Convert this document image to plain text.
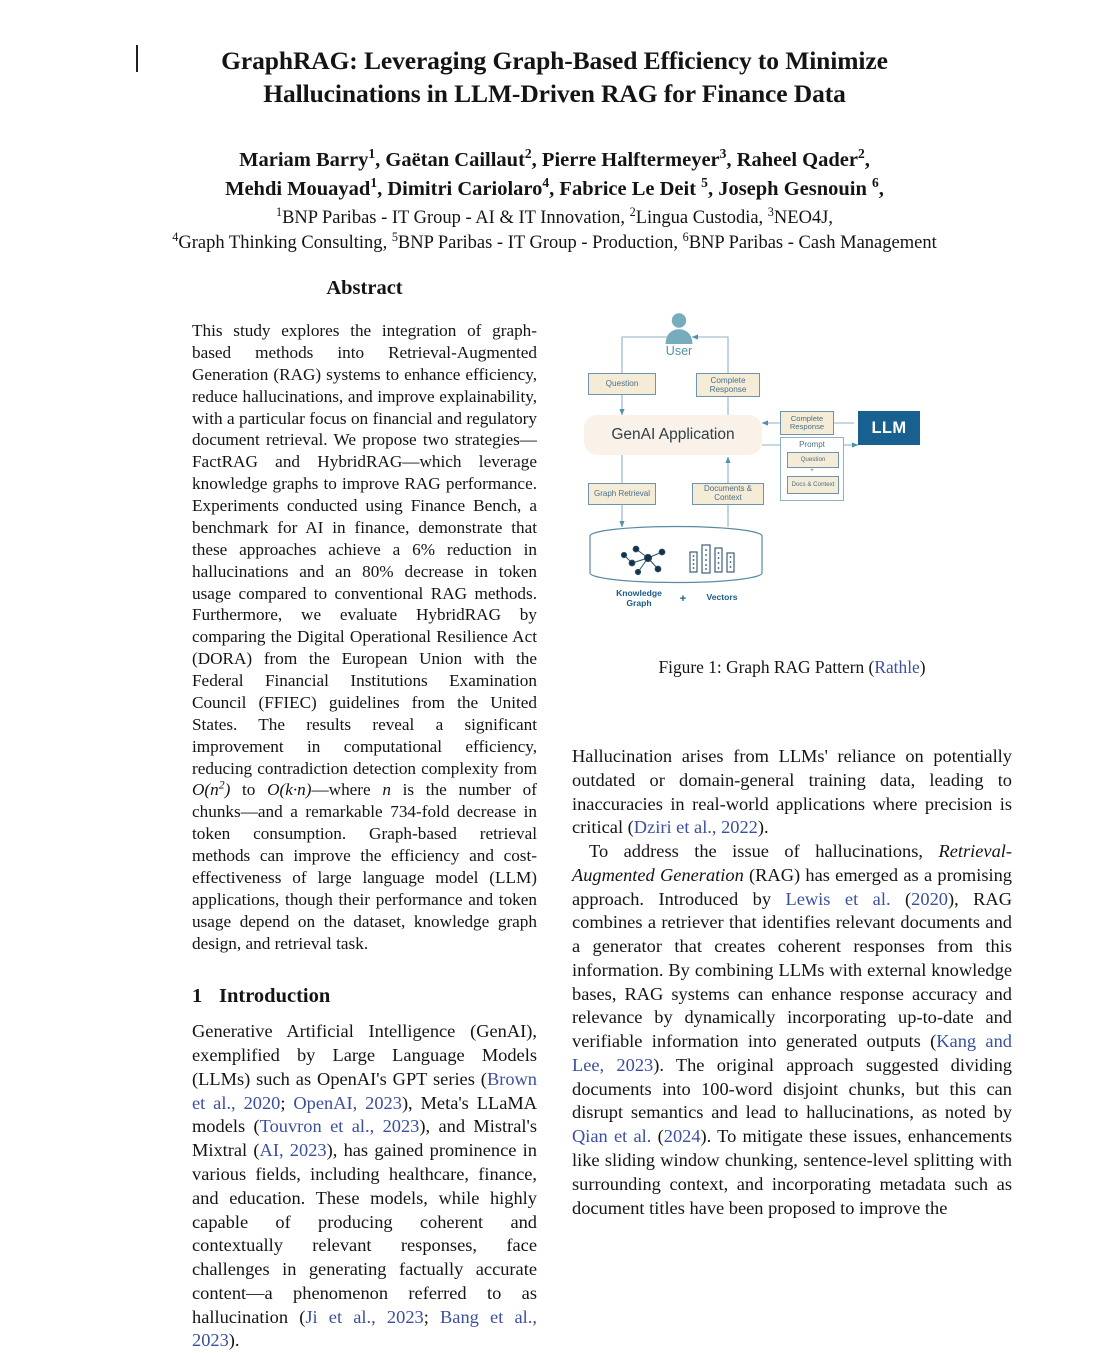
GraphRAG: Leveraging Graph-Based Efficiency to Minimize
Hallucinations in LLM-Driven RAG for Finance Data
Mariam Barry$^1$, Gaëtan Caillaut$^2$, Pierre Halftermeyer$^3$, Raheel Qader$^2$,
Mehdi Mouayad$^1$, Dimitri Cariolaro$^4$, Fabrice Le Deit $^5$, Joseph Gesnouin $^6$,
$^1$BNP Paribas - IT Group - AI & IT Innovation, $^2$Lingua Custodia, $^3$NEO4J,
$^4$Graph Thinking Consulting, $^5$BNP Paribas - IT Group - Production, $^6$BNP Paribas - Cash Management
Abstract

This study explores the integration of graph-based methods into Retrieval-Augmented Generation (RAG) systems to enhance efficiency, reduce hallucinations, and improve explainability, with a particular focus on financial and regulatory document retrieval. We propose two strategies—FactRAG and HybridRAG—which leverage knowledge graphs to improve RAG performance. Experiments conducted using Finance Bench, a benchmark for AI in finance, demonstrate that these approaches achieve a 6% reduction in hallucinations and an 80% decrease in token usage compared to conventional RAG methods. Furthermore, we evaluate HybridRAG by comparing the Digital Operational Resilience Act (DORA) from the European Union with the Federal Financial Institutions Examination Council (FFIEC) guidelines from the United States. The results reveal a significant improvement in computational efficiency, reducing contradiction detection complexity from $O(n^2)$ to O(k·n)—where n is the number of chunks—and a remarkable 734-fold decrease in token consumption. Graph-based retrieval methods can improve the efficiency and cost-effectiveness of large language model (LLM) applications, though their performance and token usage depend on the dataset, knowledge graph design, and retrieval task.

1 Introduction

Generative Artificial Intelligence (GenAI), exemplified by Large Language Models (LLMs) such as OpenAI's GPT series (Brown et al., 2020; OpenAI, 2023), Meta's LLaMA models (Touvron et al., 2023), and Mistral's Mixtral (AI, 2023), has gained prominence in various fields, including healthcare, finance, and education. These models, while highly capable of producing coherent and contextually relevant responses, face challenges in generating factually accurate content—a phenomenon referred to as hallucination (Ji et al., 2023; Bang et al., 2023).

User
Question	Complete Response
GenAI Application
Complete Response	LLM
Prompt
Question
+
Docs & Context
Graph Retrieval	Documents & Context
Knowledge Graph	+	Vectors
Figure 1: Graph RAG Pattern (Rathle)

Hallucination arises from LLMs' reliance on potentially outdated or domain-general training data, leading to inaccuracies in real-world applications where precision is critical (Dziri et al., 2022).

To address the issue of hallucinations, Retrieval-Augmented Generation (RAG) has emerged as a promising approach. Introduced by Lewis et al. (2020), RAG combines a retriever that identifies relevant documents and a generator that creates coherent responses from this information. By combining LLMs with external knowledge bases, RAG systems can enhance response accuracy and relevance by dynamically incorporating up-to-date and verifiable information into generated outputs (Kang and Lee, 2023). The original approach suggested dividing documents into 100-word disjoint chunks, but this can disrupt semantics and lead to hallucinations, as noted by Qian et al. (2024). To mitigate these issues, enhancements like sliding window chunking, sentence-level splitting with surrounding context, and incorporating metadata such as document titles have been proposed to improve the
